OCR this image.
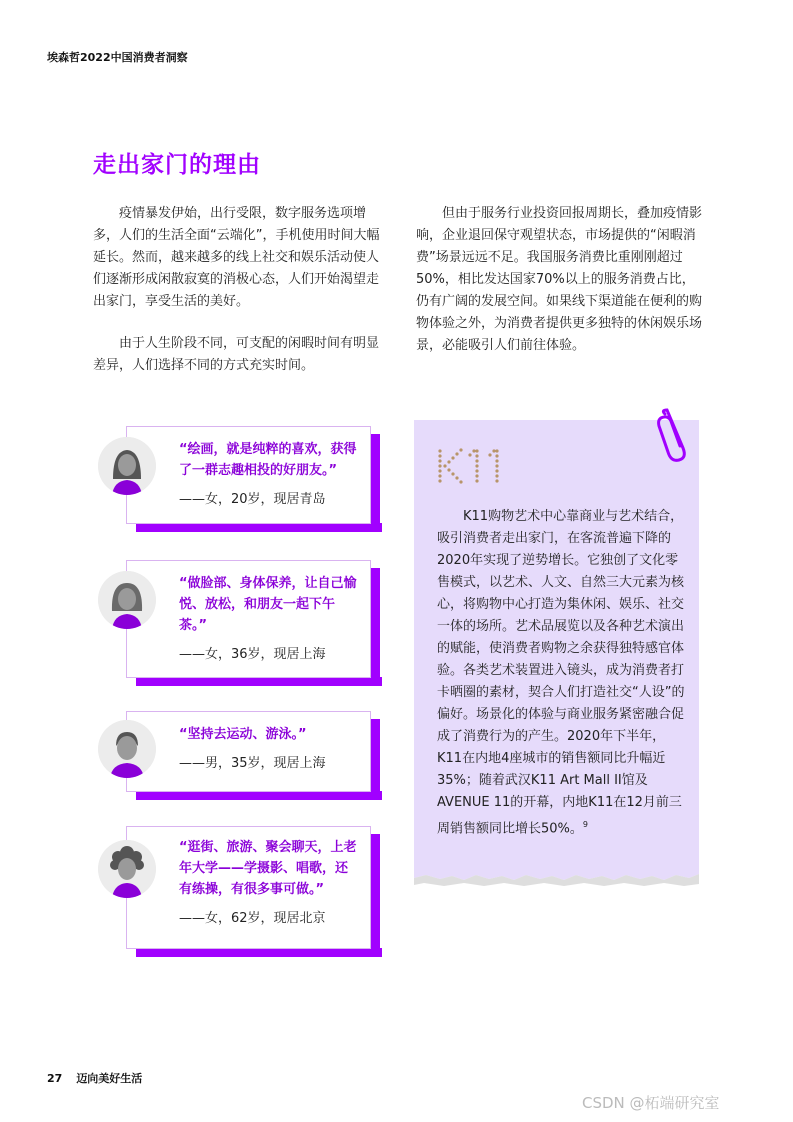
埃森哲2022中国消费者洞察
走出家门的理由

疫情暴发伊始，出行受限，数字服务选项增多，人们的生活全面“云端化”，手机使用时间大幅延长。然而，越来越多的线上社交和娱乐活动使人们逐渐形成闲散寂寞的消极心态，人们开始渴望走出家门，享受生活的美好。

由于人生阶段不同，可支配的闲暇时间有明显差异，人们选择不同的方式充实时间。

但由于服务行业投资回报周期长，叠加疫情影响，企业退回保守观望状态，市场提供的“闲暇消费”场景远远不足。我国服务消费比重刚刚超过50%，相比发达国家70%以上的服务消费占比，仍有广阔的发展空间。如果线下渠道能在便利的购物体验之外，为消费者提供更多独特的休闲娱乐场景，必能吸引人们前往体验。

“绘画，就是纯粹的喜欢，获得了一群志趣相投的好朋友。”
——女，20岁，现居青岛
“做脸部、身体保养，让自己愉悦、放松，和朋友一起下午茶。”
——女，36岁，现居上海
“坚持去运动、游泳。”
——男，35岁，现居上海
“逛街、旅游、聚会聊天，上老年大学——学摄影、唱歌，还有练操，有很多事可做。”
——女，62岁，现居北京

K11购物艺术中心靠商业与艺术结合，吸引消费者走出家门，在客流普遍下降的2020年实现了逆势增长。它独创了文化零售模式，以艺术、人文、自然三大元素为核心，将购物中心打造为集休闲、娱乐、社交一体的场所。艺术品展览以及各种艺术演出的赋能，使消费者购物之余获得独特感官体验。各类艺术装置进入镜头，成为消费者打卡晒圈的素材，契合人们打造社交“人设”的偏好。场景化的体验与商业服务紧密融合促成了消费行为的产生。2020年下半年，K11在内地4座城市的销售额同比升幅近35%；随着武汉K11 Art Mall II馆及AVENUE 11的开幕，内地K11在12月前三周销售额同比增长50%。$^9$

27 迈向美好生活
CSDN @柘端研究室
